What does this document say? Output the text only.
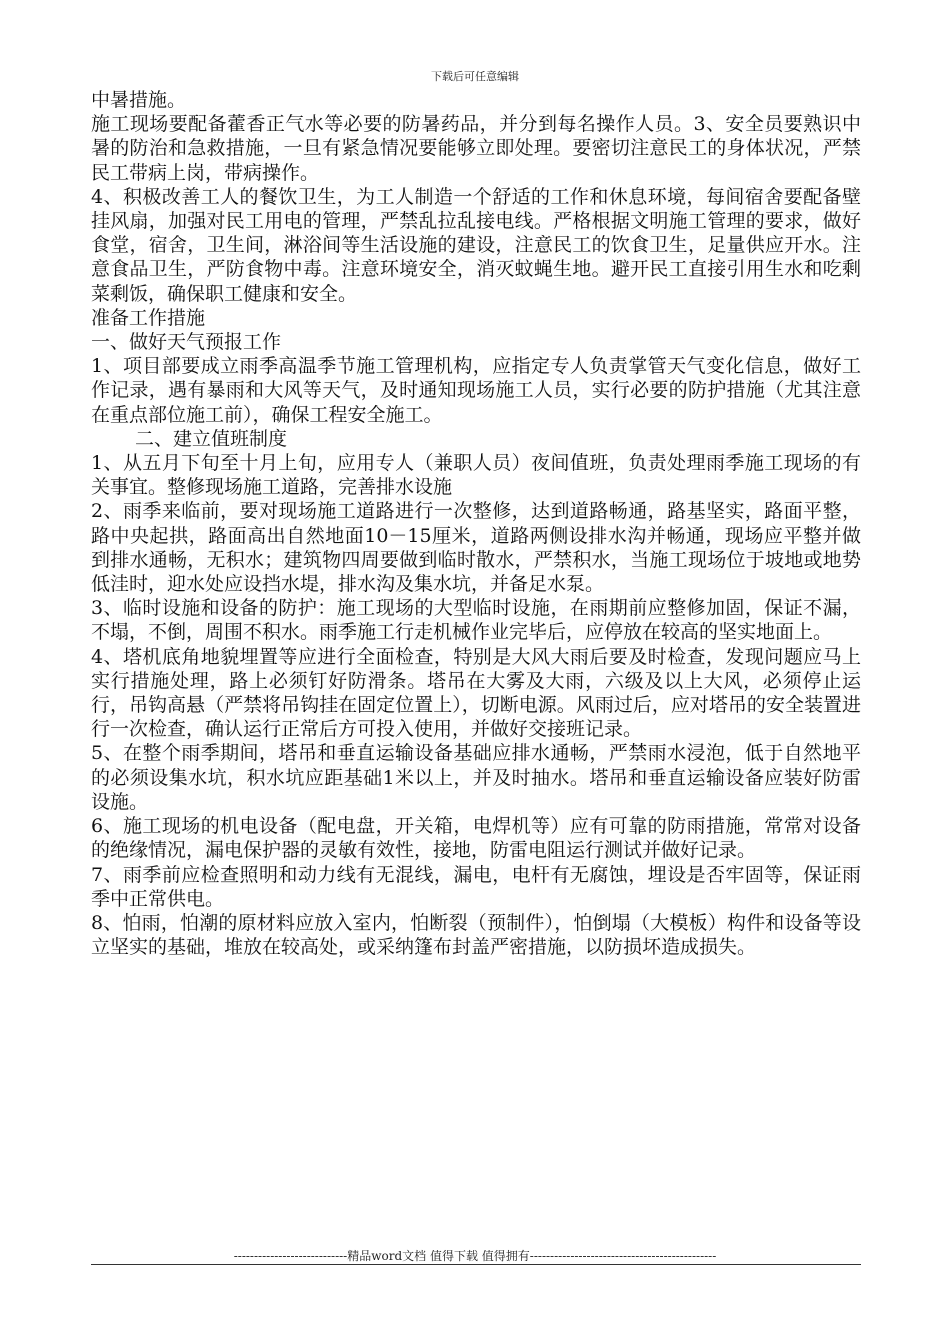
下载后可任意编辑

中暑措施。

施工现场要配备藿香正气水等必要的防暑药品，并分到每名操作人员。3、安全员要熟识中暑的防治和急救措施，一旦有紧急情况要能够立即处理。要密切注意民工的身体状况，严禁民工带病上岗，带病操作。

4、积极改善工人的餐饮卫生，为工人制造一个舒适的工作和休息环境，每间宿舍要配备壁挂风扇，加强对民工用电的管理，严禁乱拉乱接电线。严格根据文明施工管理的要求，做好食堂，宿舍，卫生间，淋浴间等生活设施的建设，注意民工的饮食卫生，足量供应开水。注意食品卫生，严防食物中毒。注意环境安全，消灭蚊蝇生地。避开民工直接引用生水和吃剩菜剩饭，确保职工健康和安全。

准备工作措施

一、做好天气预报工作

1、项目部要成立雨季高温季节施工管理机构，应指定专人负责掌管天气变化信息，做好工作记录，遇有暴雨和大风等天气，及时通知现场施工人员，实行必要的防护措施（尤其注意在重点部位施工前），确保工程安全施工。

二、建立值班制度

1、从五月下旬至十月上旬，应用专人（兼职人员）夜间值班，负责处理雨季施工现场的有关事宜。整修现场施工道路，完善排水设施

2、雨季来临前，要对现场施工道路进行一次整修，达到道路畅通，路基坚实，路面平整，路中央起拱，路面高出自然地面10－15厘米，道路两侧设排水沟并畅通，现场应平整并做到排水通畅，无积水；建筑物四周要做到临时散水，严禁积水，当施工现场位于坡地或地势低洼时，迎水处应设挡水堤，排水沟及集水坑，并备足水泵。

3、临时设施和设备的防护：施工现场的大型临时设施，在雨期前应整修加固，保证不漏，不塌，不倒，周围不积水。雨季施工行走机械作业完毕后，应停放在较高的坚实地面上。

4、塔机底角地貌埋置等应进行全面检查，特别是大风大雨后要及时检查，发现问题应马上实行措施处理，路上必须钉好防滑条。塔吊在大雾及大雨，六级及以上大风，必须停止运行，吊钩高悬（严禁将吊钩挂在固定位置上），切断电源。风雨过后，应对塔吊的安全装置进行一次检查，确认运行正常后方可投入使用，并做好交接班记录。

5、在整个雨季期间，塔吊和垂直运输设备基础应排水通畅，严禁雨水浸泡，低于自然地平的必须设集水坑，积水坑应距基础1米以上，并及时抽水。塔吊和垂直运输设备应装好防雷设施。

6、施工现场的机电设备（配电盘，开关箱，电焊机等）应有可靠的防雨措施，常常对设备的绝缘情况，漏电保护器的灵敏有效性，接地，防雷电阻运行测试并做好记录。

7、雨季前应检查照明和动力线有无混线，漏电，电杆有无腐蚀，埋设是否牢固等，保证雨季中正常供电。

8、怕雨，怕潮的原材料应放入室内，怕断裂（预制件），怕倒塌（大模板）构件和设备等设立坚实的基础，堆放在较高处，或采纳篷布封盖严密措施，以防损坏造成损失。

----------------------------精品word文档 值得下载 值得拥有----------------------------------------------
